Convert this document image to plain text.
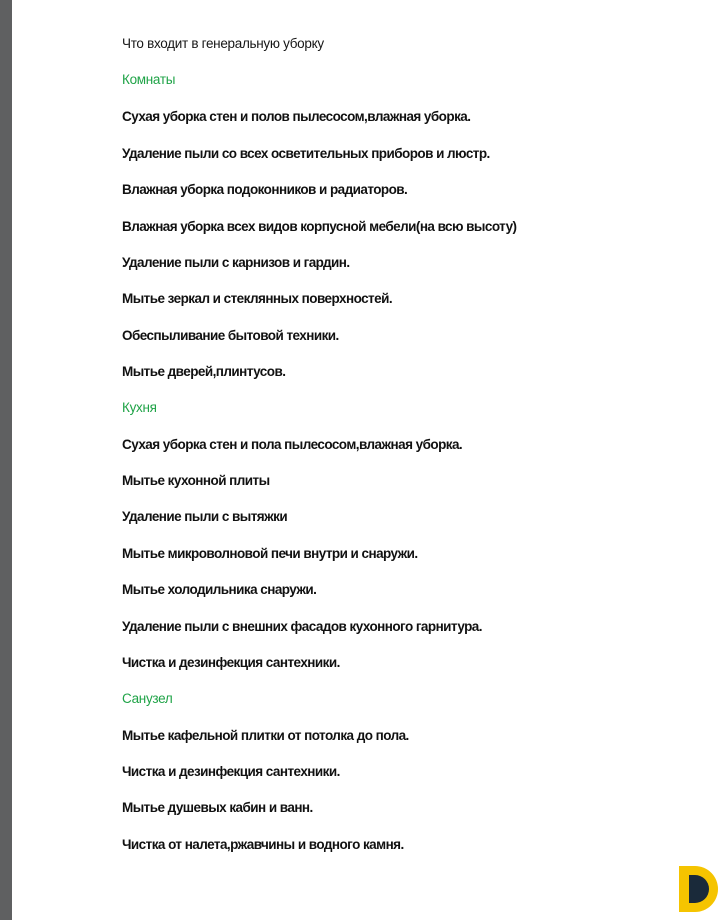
Что входит в генеральную уборку
Комнаты
Сухая уборка стен и полов пылесосом,влажная уборка.
Удаление пыли со всех осветительных приборов и люстр.
Влажная уборка подоконников и радиаторов.
Влажная уборка всех видов корпусной мебели(на всю высоту)
Удаление пыли с карнизов и гардин.
Мытье зеркал и стеклянных поверхностей.
Обеспыливание бытовой техники.
Мытье дверей,плинтусов.
Кухня
Сухая уборка стен и пола пылесосом,влажная уборка.
Мытье кухонной плиты
Удаление пыли с вытяжки
Мытье микроволновой печи внутри и снаружи.
Мытье холодильника снаружи.
Удаление пыли с внешних фасадов кухонного гарнитура.
Чистка и дезинфекция сантехники.
Санузел
Мытье кафельной плитки от потолка до пола.
Чистка и дезинфекция сантехники.
Мытье душевых кабин и ванн.
Чистка от налета,ржавчины и водного камня.
